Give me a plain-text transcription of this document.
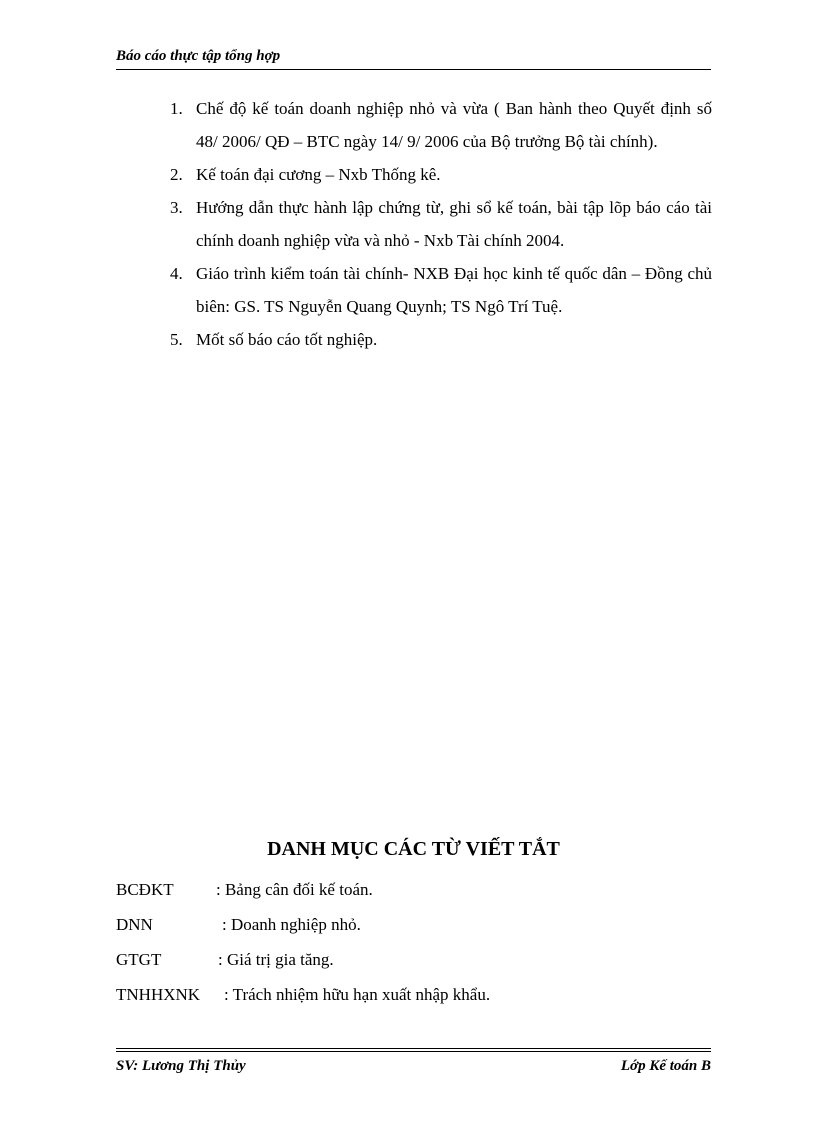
Báo cáo thực tập tổng hợp
1. Chế độ kế toán doanh nghiệp nhỏ và vừa ( Ban hành theo Quyết định số 48/ 2006/ QĐ – BTC ngày 14/ 9/ 2006 của Bộ trưởng Bộ tài chính).
2. Kế toán đại cương – Nxb Thống kê.
3. Hướng dẫn thực hành lập chứng từ, ghi sổ kế toán, bài tập lõp báo cáo tài chính doanh nghiệp vừa và nhỏ - Nxb Tài chính 2004.
4. Giáo trình kiểm toán tài chính- NXB Đại học kinh tế quốc dân – Đồng chủ biên: GS. TS Nguyễn Quang Quynh; TS Ngô Trí Tuệ.
5. Mốt số báo cáo tốt nghiệp.
DANH MỤC CÁC TỪ VIẾT TẮT
BCĐKT : Bảng cân đối kế toán.
DNN	: Doanh nghiệp nhỏ.
GTGT	: Giá trị gia tăng.
TNHHXNK : Trách nhiệm hữu hạn xuất nhập khẩu.
SV: Lương Thị Thủy	Lớp Kế toán B
